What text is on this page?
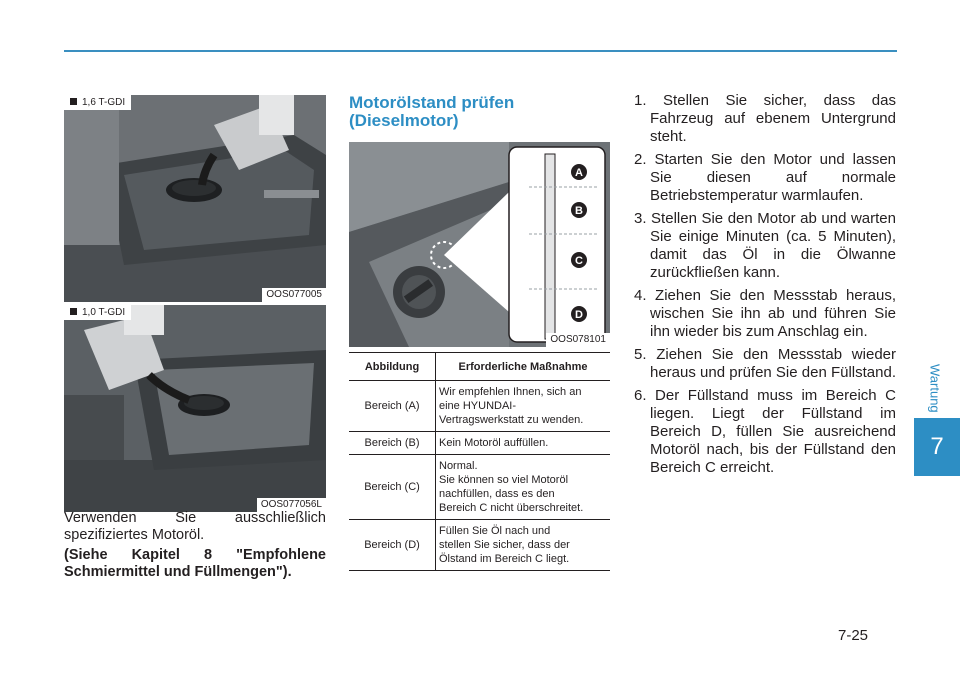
1,6 T-GDI
OOS077005
1,0 T-GDI
OOS077056L

Verwenden Sie ausschließlich spezifiziertes Motoröl.

(Siehe Kapitel 8 "Empfohlene Schmiermittel und Füllmengen").

Motorölstand prüfen
(Dieselmotor)
A
B
C
D
OOS078101
Abbildung	Erforderliche Maßnahme
Bereich (A)	Wir empfehlen Ihnen, sich an
eine HYUNDAI-
Vertragswerkstatt zu wenden.

Bereich (B)	Kein Motoröl auffüllen.

Bereich (C)	Normal.
Sie können so viel Motoröl
nachfüllen, dass es den
Bereich C nicht überschreitet.

Bereich (D)	Füllen Sie Öl nach und
stellen Sie sicher, dass der
Ölstand im Bereich C liegt.
1. Stellen Sie sicher, dass das Fahrzeug auf ebenem Untergrund steht.
2. Starten Sie den Motor und lassen Sie diesen auf normale Betriebstemperatur warmlaufen.
3. Stellen Sie den Motor ab und warten Sie einige Minuten (ca. 5 Minuten), damit das Öl in die Ölwanne zurückfließen kann.
4. Ziehen Sie den Messstab heraus, wischen Sie ihn ab und führen Sie ihn wieder bis zum Anschlag ein.
5. Ziehen Sie den Messstab wieder heraus und prüfen Sie den Füllstand.
6. Der Füllstand muss im Bereich C liegen. Liegt der Füllstand im Bereich D, füllen Sie ausreichend Motoröl nach, bis der Füllstand den Bereich C erreicht.
Wartung
7
7-25
